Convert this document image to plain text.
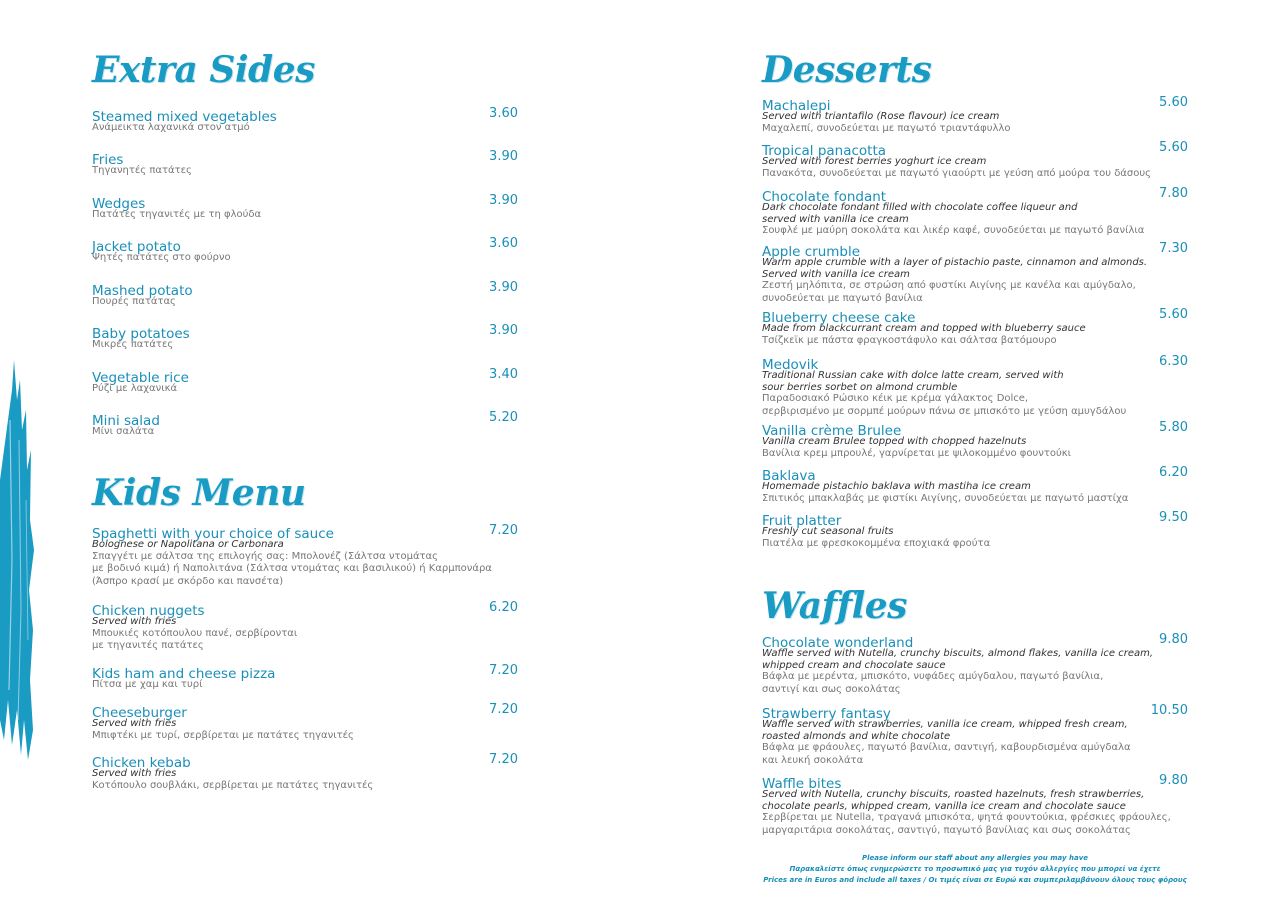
Extra Sides
Steamed mixed vegetables	3.60
Ανάμεικτα λαχανικά στον ατμό
Fries	3.90
Τηγανητές πατάτες
Wedges	3.90
Πατάτες τηγανιτές με τη φλούδα
Jacket potato	3.60
Ψητές πατάτες στο φούρνο
Mashed potato	3.90
Πουρές πατάτας
Baby potatoes	3.90
Μικρές πατάτες
Vegetable rice	3.40
Ρύζι με λαχανικά
Mini salad	5.20
Μίνι σαλάτα
Kids Menu
Spaghetti with your choice of sauce	7.20
Bolognese or Napolitana or Carbonara
Σπαγγέτι με σάλτσα της επιλογής σας: Μπολονέζ (Σάλτσα ντομάτας
με βοδινό κιμά) ή Ναπολιτάνα (Σάλτσα ντομάτας και βασιλικού) ή Καρμπονάρα
(Άσπρο κρασί με σκόρδο και πανσέτα)
Chicken nuggets	6.20
Served with fries
Μπουκιές κοτόπουλου πανέ, σερβίρονται
με τηγανιτές πατάτες
Kids ham and cheese pizza	7.20
Πίτσα με χαμ και τυρί
Cheeseburger	7.20
Served with fries
Μπιφτέκι με τυρί, σερβίρεται με πατάτες τηγανιτές
Chicken kebab	7.20
Served with fries
Κοτόπουλο σουβλάκι, σερβίρεται με πατάτες τηγανιτές
Desserts
Machalepi	5.60
Served with triantafilo (Rose flavour) ice cream
Μαχαλεπί, συνοδεύεται με παγωτό τριαντάφυλλο
Tropical panacotta	5.60
Served with forest berries yoghurt ice cream
Πανακότα, συνοδεύεται με παγωτό γιαούρτι με γεύση από μούρα του δάσους
Chocolate fondant	7.80
Dark chocolate fondant filled with chocolate coffee liqueur and
served with vanilla ice cream
Σουφλέ με μαύρη σοκολάτα και λικέρ καφέ, συνοδεύεται με παγωτό βανίλια
Apple crumble	7.30
Warm apple crumble with a layer of pistachio paste, cinnamon and almonds.
Served with vanilla ice cream
Ζεστή μηλόπιτα, σε στρώση από φυστίκι Αιγίνης με κανέλα και αμύγδαλο,
συνοδεύεται με παγωτό βανίλια
Blueberry cheese cake	5.60
Made from blackcurrant cream and topped with blueberry sauce
Τσίζκεϊκ με πάστα φραγκοστάφυλο και σάλτσα βατόμουρο
Medovik	6.30
Traditional Russian cake with dolce latte cream, served with
sour berries sorbet on almond crumble
Παραδοσιακό Ρώσικο κέικ με κρέμα γάλακτος Dolce,
σερβιρισμένο με σορμπέ μούρων πάνω σε μπισκότο με γεύση αμυγδάλου
Vanilla crème Brulee	5.80
Vanilla cream Brulee topped with chopped hazelnuts
Βανίλια κρεμ μπρουλέ, γαρνίρεται με ψιλοκομμένο φουντούκι
Baklava	6.20
Homemade pistachio baklava with mastiha ice cream
Σπιτικός μπακλαβάς με φιστίκι Αιγίνης, συνοδεύεται με παγωτό μαστίχα
Fruit platter	9.50
Freshly cut seasonal fruits
Πιατέλα με φρεσκοκομμένα εποχιακά φρούτα
Waffles
Chocolate wonderland	9.80
Waffle served with Nutella, crunchy biscuits, almond flakes, vanilla ice cream,
whipped cream and chocolate sauce
Βάφλα με μερέντα, μπισκότο, νυφάδες αμύγδαλου, παγωτό βανίλια,
σαντιγί και σως σοκολάτας
Strawberry fantasy	10.50
Waffle served with strawberries, vanilla ice cream, whipped fresh cream,
roasted almonds and white chocolate
Βάφλα με φράουλες, παγωτό βανίλια, σαντιγή, καβουρδισμένα αμύγδαλα
και λευκή σοκολάτα
Waffle bites	9.80
Served with Nutella, crunchy biscuits, roasted hazelnuts, fresh strawberries,
chocolate pearls, whipped cream, vanilla ice cream and chocolate sauce
Σερβίρεται με Nutella, τραγανά μπισκότα, ψητά φουντούκια, φρέσκιες φράουλες,
μαργαριτάρια σοκολάτας, σαντιγύ, παγωτό βανίλιας και σως σοκολάτας
Please inform our staff about any allergies you may have
Παρακαλείστε όπως ενημερώσετε το προσωπικό μας για τυχόν αλλεργίες που μπορεί να έχετε
Prices are in Euros and include all taxes / Οι τιμές είναι σε Ευρώ και συμπεριλαμβάνουν όλους τους φόρους
